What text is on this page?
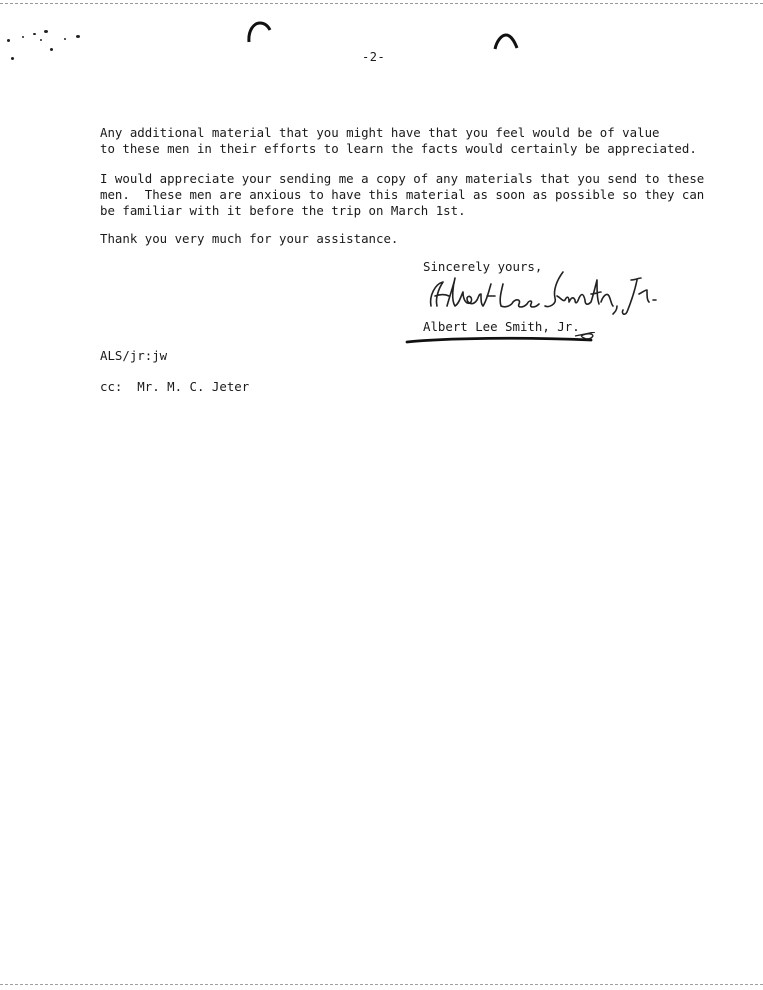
-2-

Any additional material that you might have that you feel would be of value
to these men in their efforts to learn the facts would certainly be appreciated.

I would appreciate your sending me a copy of any materials that you send to these
men.  These men are anxious to have this material as soon as possible so they can
be familiar with it before the trip on March 1st.

Thank you very much for your assistance.

Sincerely yours,
Albert Lee Smith, Jr.
ALS/jr:jw
cc:  Mr. M. C. Jeter
